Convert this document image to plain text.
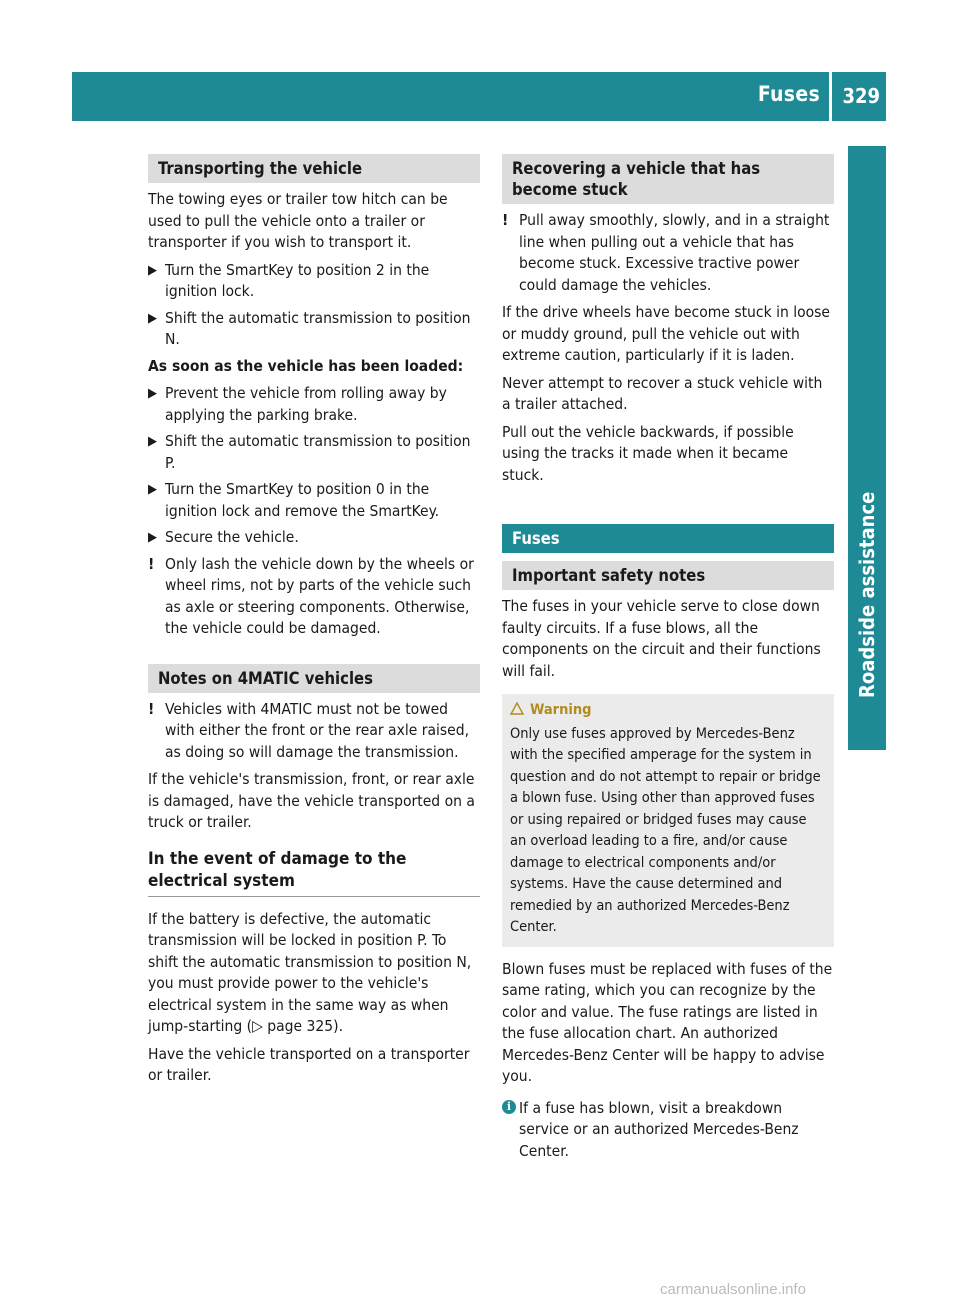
Fuses 329
Roadside assistance
Transporting the vehicle

The towing eyes or trailer tow hitch can be used to pull the vehicle onto a trailer or transporter if you wish to transport it.

▶ Turn the SmartKey to position 2 in the ignition lock.
▶ Shift the automatic transmission to position N.
As soon as the vehicle has been loaded:
▶ Prevent the vehicle from rolling away by applying the parking brake.
▶ Shift the automatic transmission to position P.
▶ Turn the SmartKey to position 0 in the ignition lock and remove the SmartKey.
▶ Secure the vehicle.
! Only lash the vehicle down by the wheels or wheel rims, not by parts of the vehicle such as axle or steering components. Otherwise, the vehicle could be damaged.
Notes on 4MATIC vehicles
! Vehicles with 4MATIC must not be towed with either the front or the rear axle raised, as doing so will damage the transmission.

If the vehicle's transmission, front, or rear axle is damaged, have the vehicle transported on a truck or trailer.

In the event of damage to the electrical system

If the battery is defective, the automatic transmission will be locked in position P. To shift the automatic transmission to position N, you must provide power to the vehicle's electrical system in the same way as when jump-starting (▷ page 325).

Have the vehicle transported on a transporter or trailer.

Recovering a vehicle that has become stuck
! Pull away smoothly, slowly, and in a straight line when pulling out a vehicle that has become stuck. Excessive tractive power could damage the vehicles.

If the drive wheels have become stuck in loose or muddy ground, pull the vehicle out with extreme caution, particularly if it is laden.

Never attempt to recover a stuck vehicle with a trailer attached.

Pull out the vehicle backwards, if possible using the tracks it made when it became stuck.

Fuses
Important safety notes

The fuses in your vehicle serve to close down faulty circuits. If a fuse blows, all the components on the circuit and their functions will fail.

Warning
Only use fuses approved by Mercedes-Benz with the specified amperage for the system in question and do not attempt to repair or bridge a blown fuse. Using other than approved fuses or using repaired or bridged fuses may cause an overload leading to a fire, and/or cause damage to electrical components and/or systems. Have the cause determined and remedied by an authorized Mercedes-Benz Center.

Blown fuses must be replaced with fuses of the same rating, which you can recognize by the color and value. The fuse ratings are listed in the fuse allocation chart. An authorized Mercedes-Benz Center will be happy to advise you.

i If a fuse has blown, visit a breakdown service or an authorized Mercedes-Benz Center.
carmanualsonline.info
